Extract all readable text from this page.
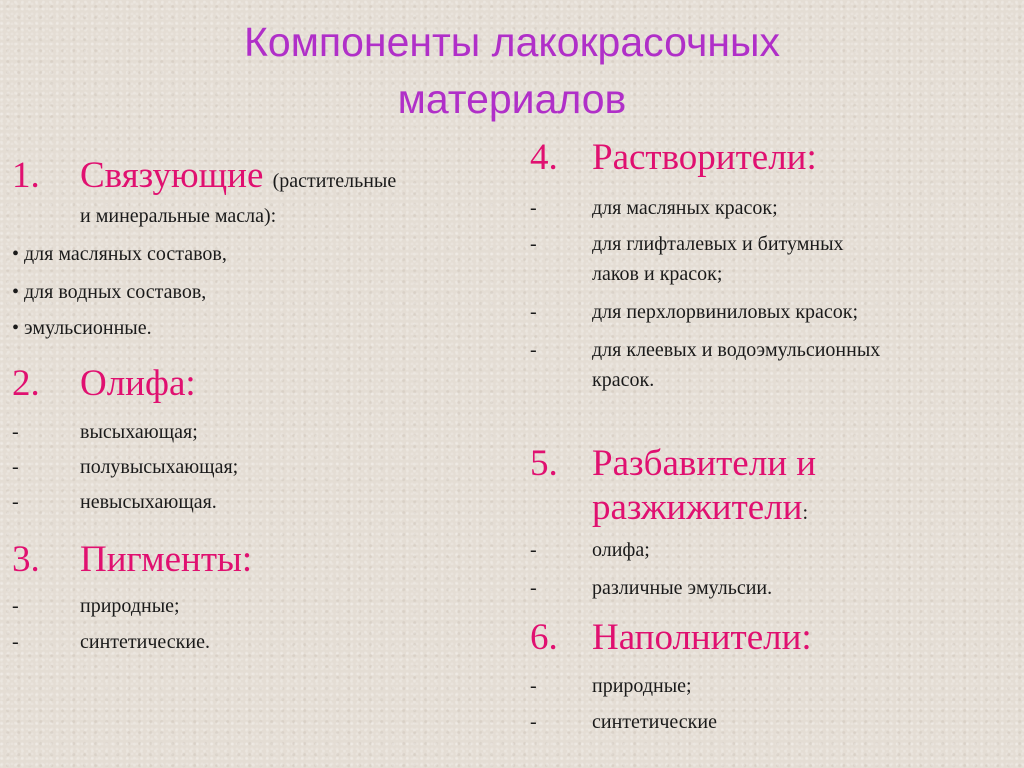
Компоненты лакокрасочных
материалов
1. Связующие (растительные
и минеральные масла):
• для масляных составов,
• для водных составов,
• эмульсионные.
2. Олифа:
-	высыхающая;
-	полувысыхающая;
-	невысыхающая.
3. Пигменты:
-	природные;
-	синтетические.
4. Растворители:
-	для масляных красок;
-	для глифталевых и битумных
лаков и красок;
-	для перхлорвиниловых красок;
-	для клеевых и водоэмульсионных
красок.
5. Разбавители и
разжижители:
-	олифа;
-	различные эмульсии.
6. Наполнители:
-	природные;
-	синтетические
